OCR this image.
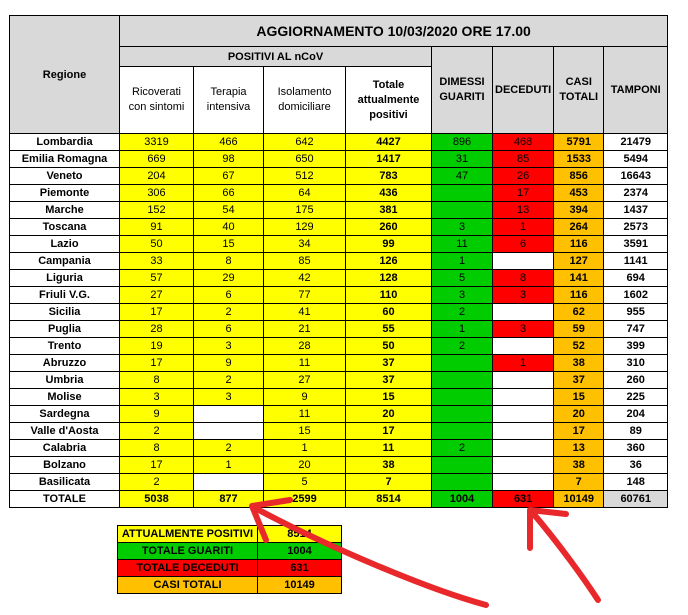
Regione	AGGIORNAMENTO 10/03/2020 ORE 17.00							
	POSITIVI AL nCoV				DIMESSI GUARITI	DECEDUTI	CASI TOTALI	TAMPONI
	Ricoverati con sintomi	Terapia intensiva	Isolamento domiciliare	Totale attualmente positivi				
Lombardia	3319	466	642	4427	896	468	5791	21479
Emilia Romagna	669	98	650	1417	31	85	1533	5494
Veneto	204	67	512	783	47	26	856	16643
Piemonte	306	66	64	436		17	453	2374
Marche	152	54	175	381		13	394	1437
Toscana	91	40	129	260	3	1	264	2573
Lazio	50	15	34	99	11	6	116	3591
Campania	33	8	85	126	1		127	1141
Liguria	57	29	42	128	5	8	141	694
Friuli V.G.	27	6	77	110	3	3	116	1602
Sicilia	17	2	41	60	2		62	955
Puglia	28	6	21	55	1	3	59	747
Trento	19	3	28	50	2		52	399
Abruzzo	17	9	11	37		1	38	310
Umbria	8	2	27	37			37	260
Molise	3	3	9	15			15	225
Sardegna	9		11	20			20	204
Valle d'Aosta	2		15	17			17	89
Calabria	8	2	1	11	2		13	360
Bolzano	17	1	20	38			38	36
Basilicata	2		5	7			7	148
TOTALE	5038	877	2599	8514	1004	631	10149	60761
ATTUALMENTE POSITIVI	8514
TOTALE GUARITI	1004
TOTALE DECEDUTI	631
CASI TOTALI	10149
